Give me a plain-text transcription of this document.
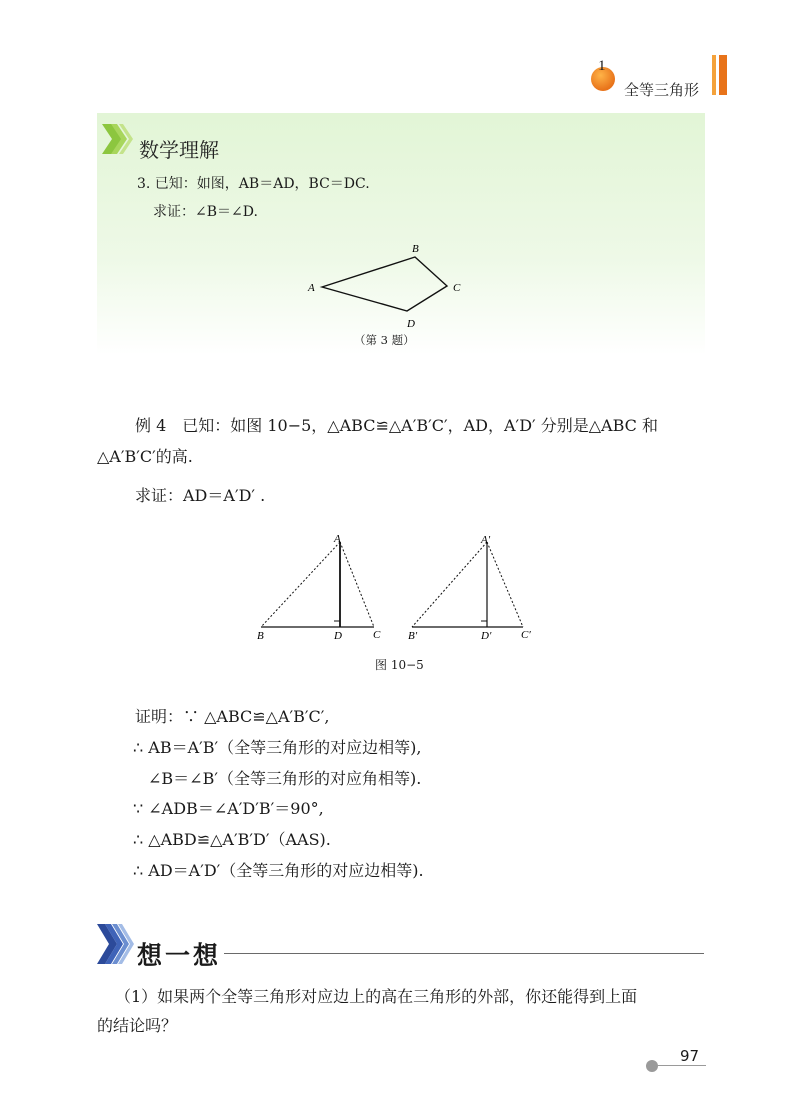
1
全等三角形
数学理解
3. 已知：如图，AB＝AD，BC＝DC.
求证：∠B＝∠D.
A
B
C
D
（第 3 题）
例 4　已知：如图 10−5，△ABC≌△A′B′C′，AD，A′D′ 分别是△ABC 和
△A′B′C′的高.
求证：AD＝A′D′ .
A
B	D	C
A′
B′	D′	C′
图 10−5
证明：∵ △ABC≌△A′B′C′,
∴ AB＝A′B′（全等三角形的对应边相等),
∠B＝∠B′（全等三角形的对应角相等).
∵ ∠ADB＝∠A′D′B′＝90°,
∴ △ABD≌△A′B′D′（AAS).
∴ AD＝A′D′（全等三角形的对应边相等).
想一想
（1）如果两个全等三角形对应边上的高在三角形的外部，你还能得到上面
的结论吗？
97
